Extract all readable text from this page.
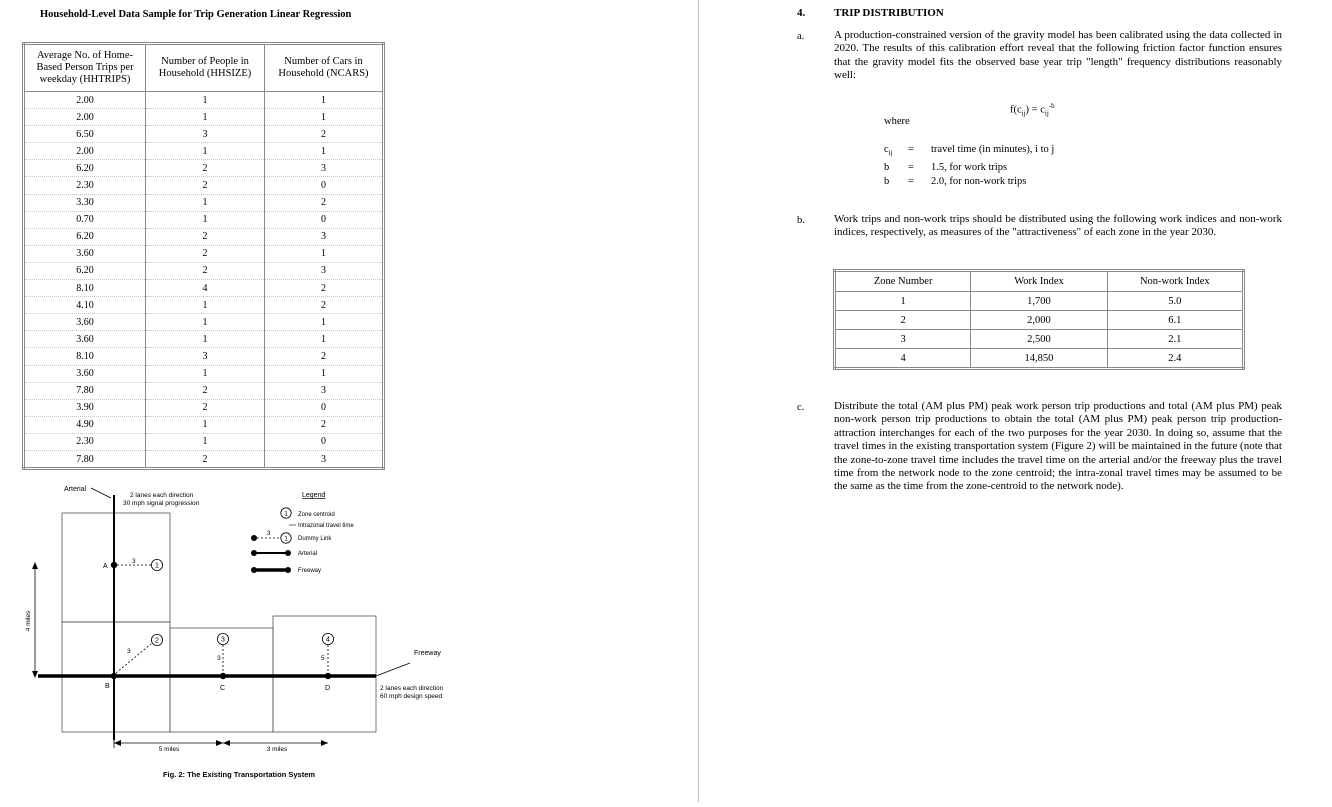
Household-Level Data Sample for Trip Generation Linear Regression
Average No. of Home-Based Person Trips per weekday (HHTRIPS)	Number of People in Household (HHSIZE)	Number of Cars in Household (NCARS)
2.00	1	1
2.00	1	1
6.50	3	2
2.00	1	1
6.20	2	3
2.30	2	0
3.30	1	2
0.70	1	0
6.20	2	3
3.60	2	1
6.20	2	3
8.10	4	2
4.10	1	2
3.60	1	1
3.60	1	1
8.10	3	2
3.60	1	1
7.80	2	3
3.90	2	0
4.90	1	2
2.30	1	0
7.80	2	3
Arterial
2 lanes each direction
30 mph signal progression
A
B	C	D
3
3
3	5
1
2	3	4
Freeway
2 lanes each direction
60 mph design speed
Legend
1 Zone centroid
Intrazonal travel time
3
1 Dummy Link
Arterial
Freeway
4 miles
5 miles	3 miles
Fig. 2: The Existing Transportation System
4.	TRIP DISTRIBUTION
a.	A production-constrained version of the gravity model has been calibrated using the data collected in 2020. The results of this calibration effort reveal that the following friction factor function ensures that the gravity model fits the observed base year trip "length" frequency distributions reasonably well:
$f(c_{ij}) = c_{ij}^{-b}$
where
$c_{ij}$	=	travel time (in minutes), i to j
b	=	1.5, for work trips
b	=	2.0, for non-work trips
b.	Work trips and non-work trips should be distributed using the following work indices and non-work indices, respectively, as measures of the "attractiveness" of each zone in the year 2030.
Zone Number	Work Index	Non-work Index
1	1,700	5.0
2	2,000	6.1
3	2,500	2.1
4	14,850	2.4
c.	Distribute the total (AM plus PM) peak work person trip productions and total (AM plus PM) peak non-work person trip productions to obtain the total (AM plus PM) peak person trip production-attraction interchanges for each of the two purposes for the year 2030. In doing so, assume that the travel times in the existing transportation system (Figure 2) will be maintained in the future (note that the zone-to-zone travel time includes the travel time on the arterial and/or the freeway plus the travel time from the network node to the zone centroid; the intra-zonal travel times may be assumed to be the same as the time from the zone-centroid to the network node).
